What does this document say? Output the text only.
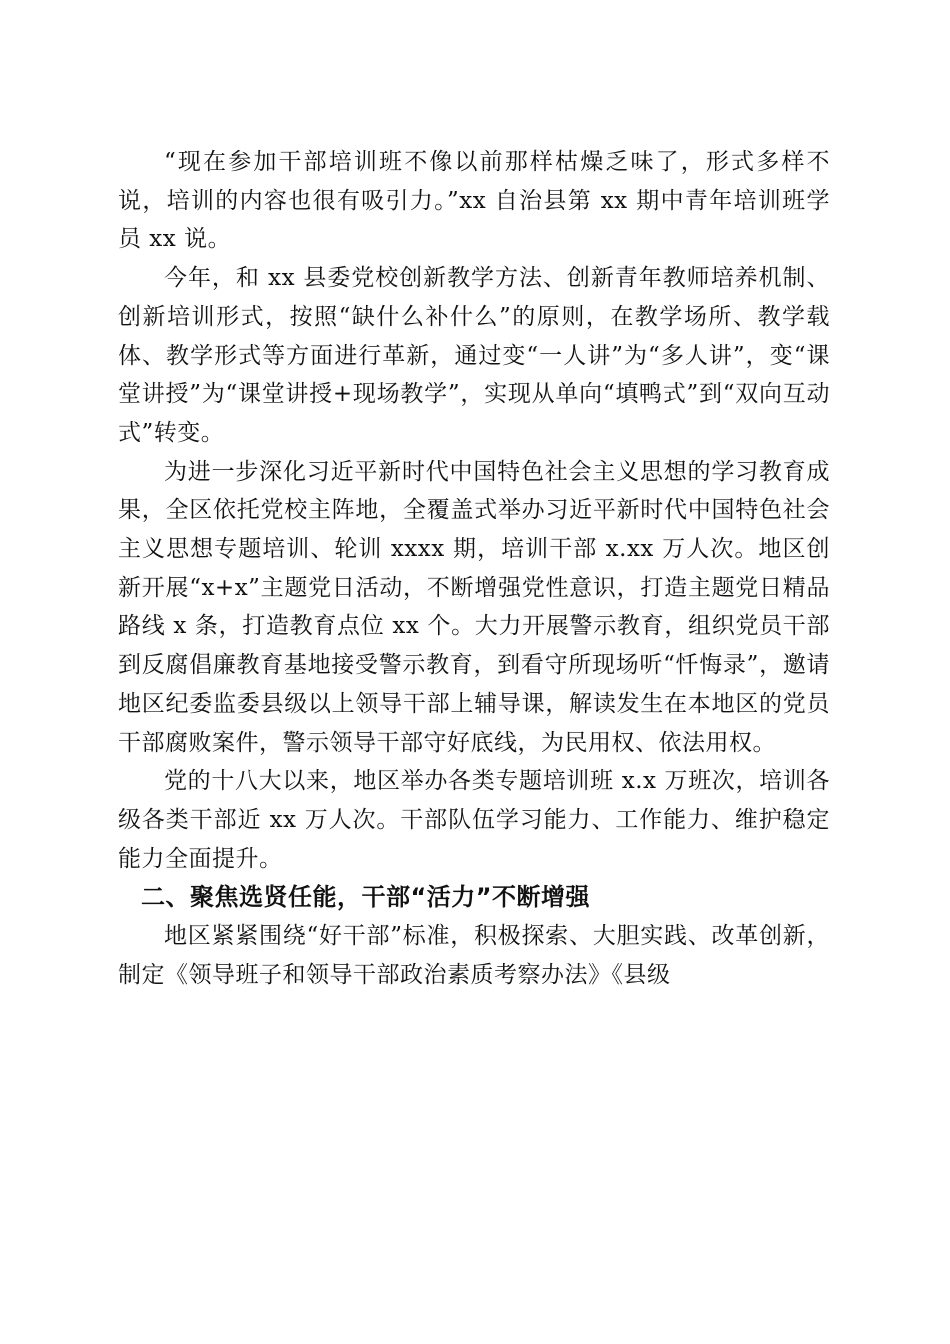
“现在参加干部培训班不像以前那样枯燥乏味了，形式多样不说，培训的内容也很有吸引力。”xx 自治县第 xx 期中青年培训班学员 xx 说。

今年，和 xx 县委党校创新教学方法、创新青年教师培养机制、创新培训形式，按照“缺什么补什么”的原则，在教学场所、教学载体、教学形式等方面进行革新，通过变“一人讲”为“多人讲”，变“课堂讲授”为“课堂讲授+现场教学”，实现从单向“填鸭式”到“双向互动式”转变。

为进一步深化习近平新时代中国特色社会主义思想的学习教育成果，全区依托党校主阵地，全覆盖式举办习近平新时代中国特色社会主义思想专题培训、轮训 xxxx 期，培训干部 x.xx 万人次。地区创新开展“x+x”主题党日活动，不断增强党性意识，打造主题党日精品路线 x 条，打造教育点位 xx 个。大力开展警示教育，组织党员干部到反腐倡廉教育基地接受警示教育，到看守所现场听“忏悔录”，邀请地区纪委监委县级以上领导干部上辅导课，解读发生在本地区的党员干部腐败案件，警示领导干部守好底线，为民用权、依法用权。

党的十八大以来，地区举办各类专题培训班 x.x 万班次，培训各级各类干部近 xx 万人次。干部队伍学习能力、工作能力、维护稳定能力全面提升。

二、聚焦选贤任能，干部“活力”不断增强

地区紧紧围绕“好干部”标准，积极探索、大胆实践、改革创新，制定《领导班子和领导干部政治素质考察办法》《县级
